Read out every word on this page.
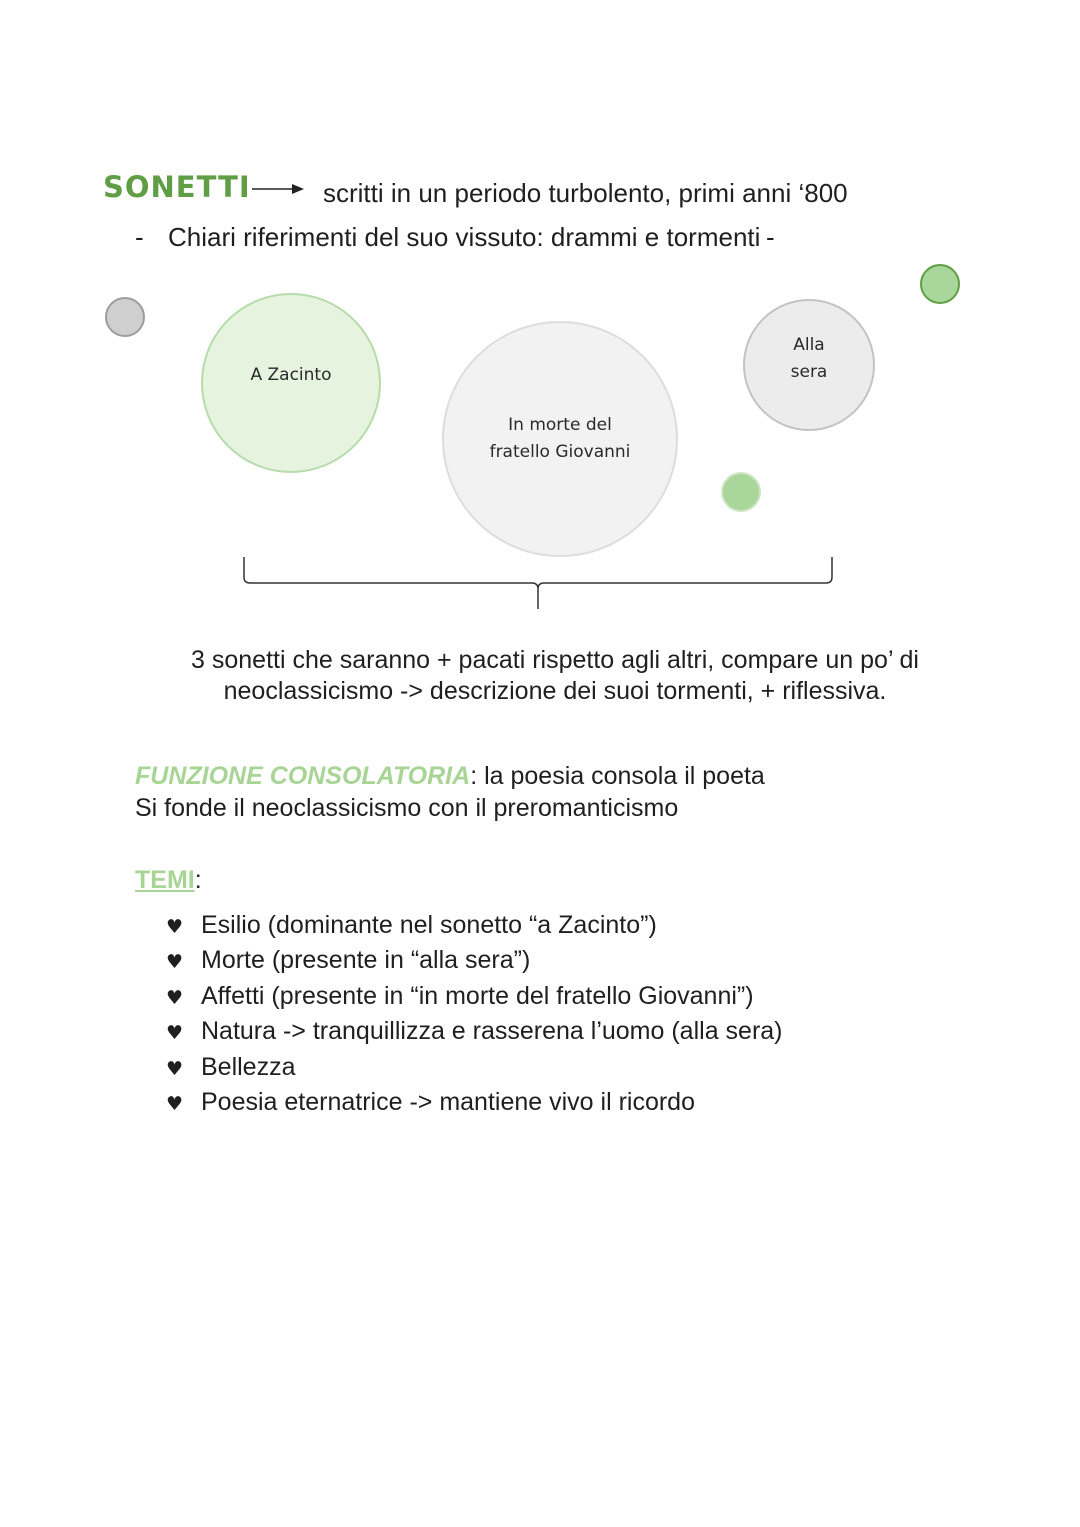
SONETTI	scritti in un periodo turbolento, primi anni ‘800
- Chiari riferimenti del suo vissuto: drammi e tormenti -
A Zacinto
In morte del
fratello Giovanni
Alla
sera
3 sonetti che saranno + pacati rispetto agli altri, compare un po’ di
neoclassicismo -> descrizione dei suoi tormenti, + riflessiva.
FUNZIONE CONSOLATORIA: la poesia consola il poeta
Si fonde il neoclassicismo con il preromanticismo
TEMI:
♥ Esilio (dominante nel sonetto “a Zacinto”)
♥ Morte (presente in “alla sera”)
♥ Affetti (presente in “in morte del fratello Giovanni”)
♥ Natura -> tranquillizza e rasserena l’uomo (alla sera)
♥ Bellezza
♥ Poesia eternatrice -> mantiene vivo il ricordo
